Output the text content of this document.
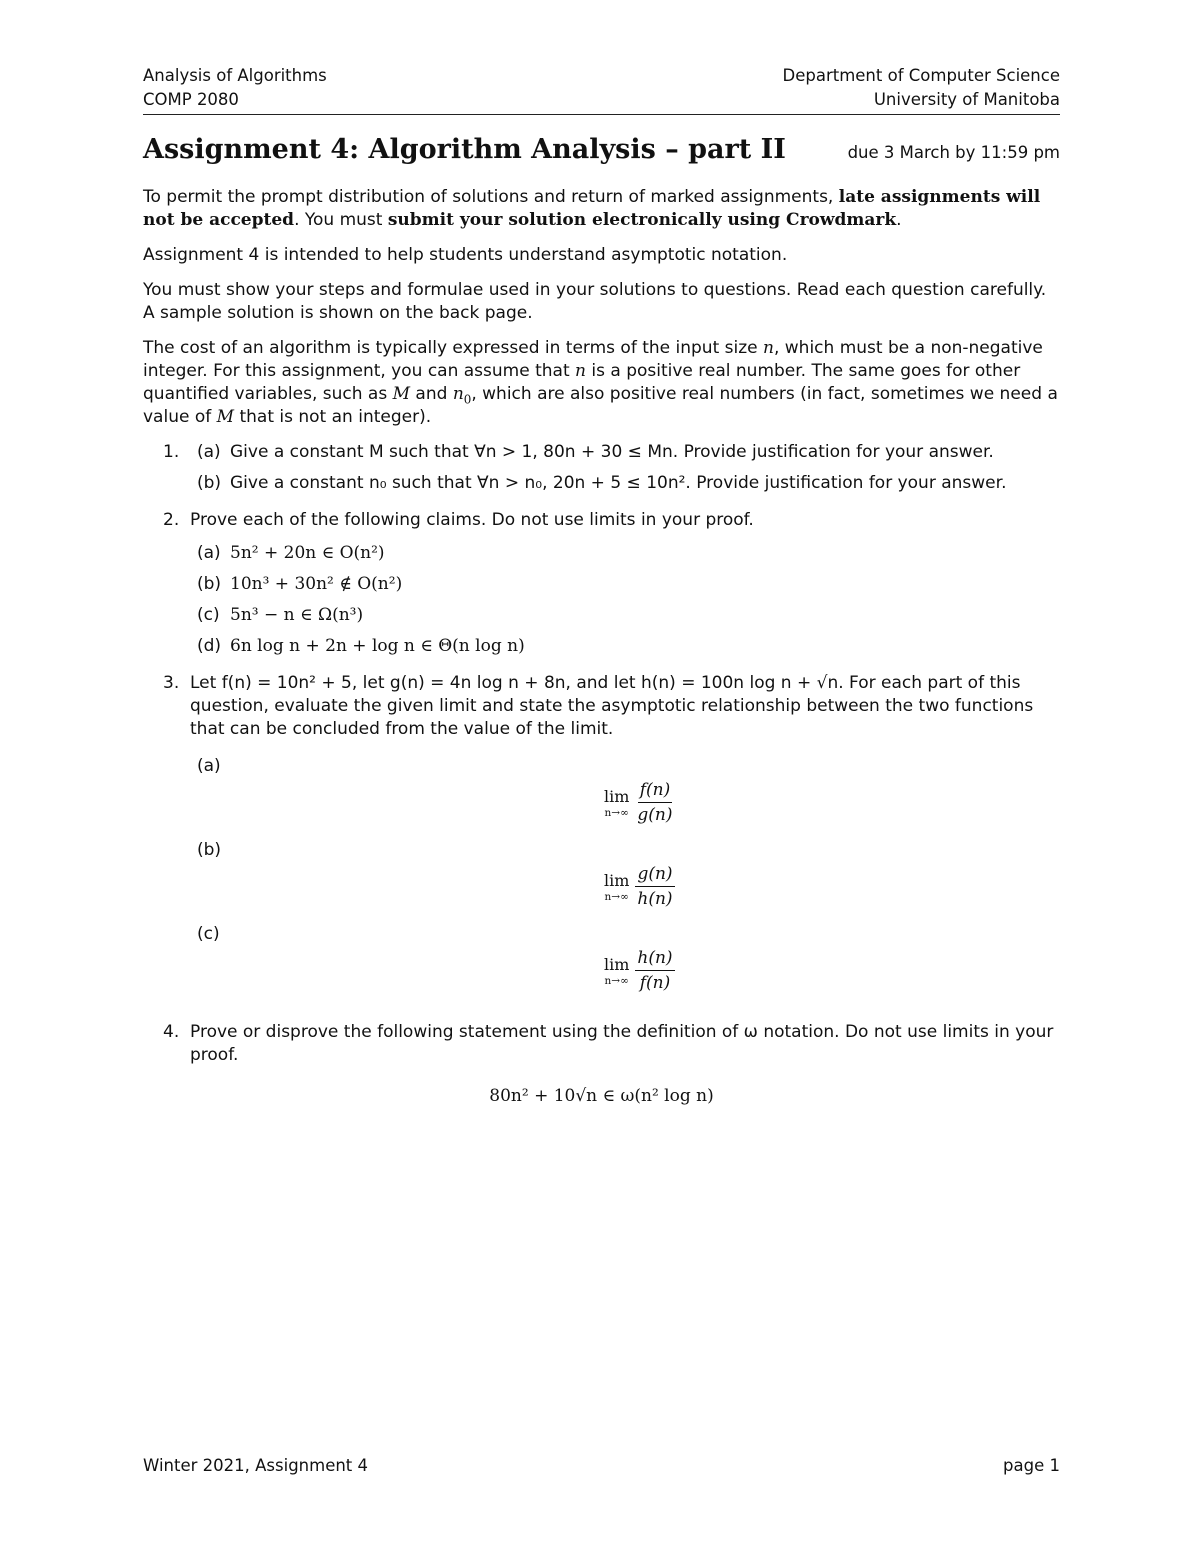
Analysis of Algorithms
COMP 2080
Department of Computer Science
University of Manitoba
Assignment 4: Algorithm Analysis – part II	due 3 March by 11:59 pm

To permit the prompt distribution of solutions and return of marked assignments, late assignments will not be accepted. You must submit your solution electronically using Crowdmark.

Assignment 4 is intended to help students understand asymptotic notation.

You must show your steps and formulae used in your solutions to questions. Read each question carefully. A sample solution is shown on the back page.

The cost of an algorithm is typically expressed in terms of the input size n, which must be a non-negative integer. For this assignment, you can assume that n is a positive real number. The same goes for other quantified variables, such as M and $n_0$, which are also positive real numbers (in fact, sometimes we need a value of M that is not an integer).

1. (a) Give a constant M such that ∀n > 1, 80n + 30 ≤ Mn. Provide justification for your answer.
(b) Give a constant n₀ such that ∀n > n₀, 20n + 5 ≤ 10n². Provide justification for your answer.
2. Prove each of the following claims. Do not use limits in your proof.
(a) 5n² + 20n ∈ O(n²)
(b) 10n³ + 30n² ∉ O(n²)
(c) 5n³ − n ∈ Ω(n³)
(d) 6n log n + 2n + log n ∈ Θ(n log n)
3. Let f(n) = 10n² + 5, let g(n) = 4n log n + 8n, and let h(n) = 100n log n + √n. For each part of this question, evaluate the given limit and state the asymptotic relationship between the two functions that can be concluded from the value of the limit.
(a)
lim
$n\to\infty \frac{f(n)}{g(n)}$
(b)
lim
$n\to\infty \frac{g(n)}{h(n)}$
(c)
lim
$n\to\infty \frac{h(n)}{f(n)}$
4. Prove or disprove the following statement using the definition of ω notation. Do not use limits in your proof.
80n² + 10√n ∈ ω(n² log n)
Winter 2021, Assignment 4	page 1
